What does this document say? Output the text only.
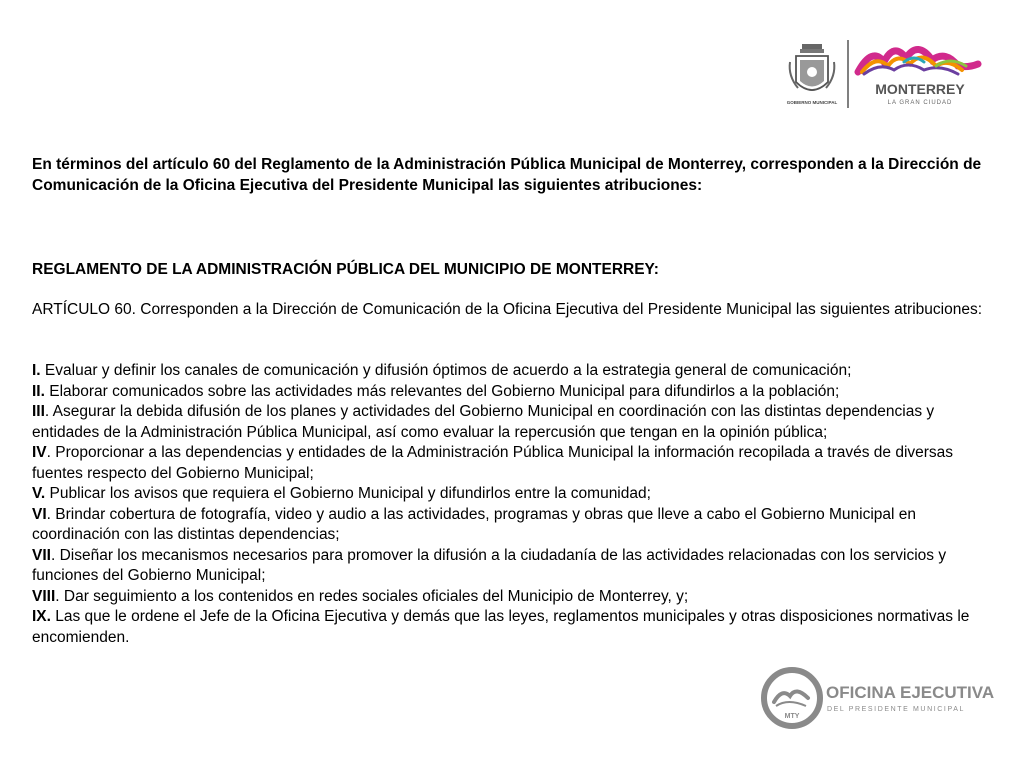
GOBIERNO MUNICIPAL
MONTERREY
LA GRAN CIUDAD
En términos del artículo 60 del Reglamento de la Administración Pública Municipal de Monterrey, corresponden a la Dirección de Comunicación de la Oficina Ejecutiva del Presidente Municipal las siguientes atribuciones:
REGLAMENTO DE LA ADMINISTRACIÓN PÚBLICA DEL MUNICIPIO DE MONTERREY:
ARTÍCULO 60. Corresponden a la Dirección de Comunicación de la Oficina Ejecutiva del Presidente Municipal las siguientes atribuciones:
I. Evaluar y definir los canales de comunicación y difusión óptimos de acuerdo a la estrategia general de comunicación;
II. Elaborar comunicados sobre las actividades más relevantes del Gobierno Municipal para difundirlos a la población;
III. Asegurar la debida difusión de los planes y actividades del Gobierno Municipal en coordinación con las distintas dependencias y entidades de la Administración Pública Municipal, así como evaluar la repercusión que tengan en la opinión pública;
IV. Proporcionar a las dependencias y entidades de la Administración Pública Municipal la información recopilada a través de diversas fuentes respecto del Gobierno Municipal;
V. Publicar los avisos que requiera el Gobierno Municipal y difundirlos entre la comunidad;
VI. Brindar cobertura de fotografía, video y audio a las actividades, programas y obras que lleve a cabo el Gobierno Municipal en coordinación con las distintas dependencias;
VII. Diseñar los mecanismos necesarios para promover la difusión a la ciudadanía de las actividades relacionadas con los servicios y funciones del Gobierno Municipal;
VIII. Dar seguimiento a los contenidos en redes sociales oficiales del Municipio de Monterrey, y;
IX. Las que le ordene el Jefe de la Oficina Ejecutiva y demás que las leyes, reglamentos municipales y otras disposiciones normativas le encomienden.
MTY
OFICINA EJECUTIVA
DEL PRESIDENTE MUNICIPAL
